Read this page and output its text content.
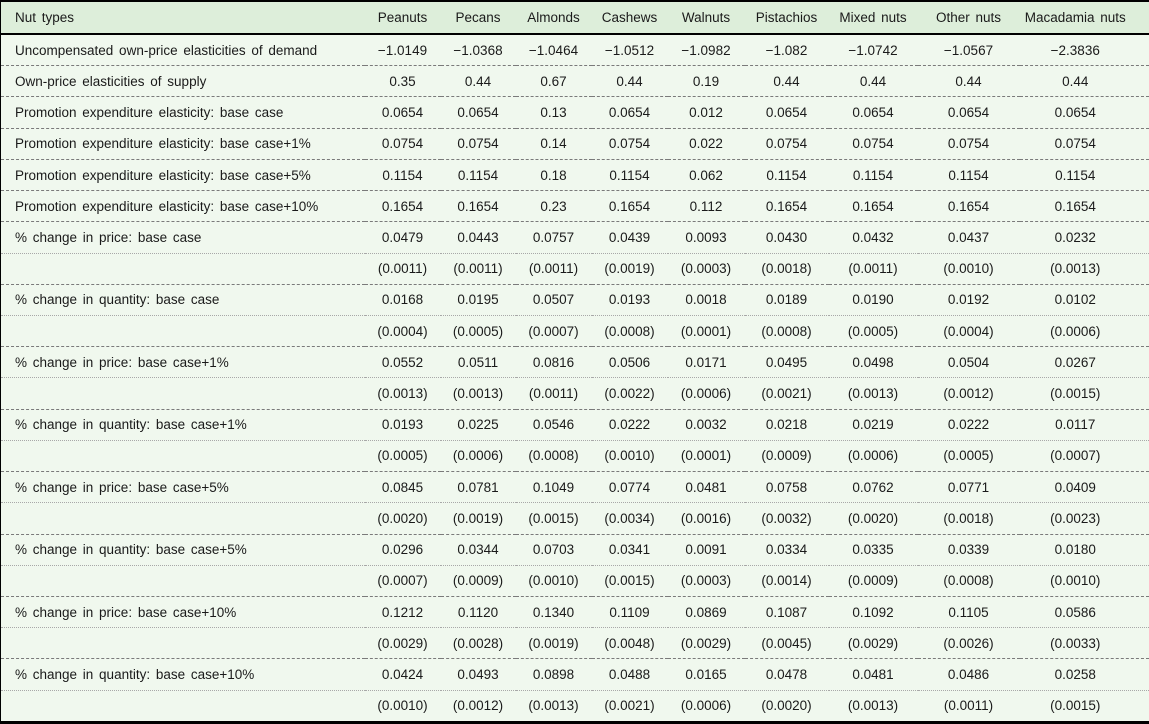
Nut types	Peanuts	Pecans	Almonds	Cashews	Walnuts	Pistachios	Mixed nuts	Other nuts	Macadamia nuts
Uncompensated own-price elasticities of demand	−1.0149	−1.0368	−1.0464	−1.0512	−1.0982	−1.082	−1.0742	−1.0567	−2.3836
Own-price elasticities of supply	0.35	0.44	0.67	0.44	0.19	0.44	0.44	0.44	0.44
Promotion expenditure elasticity: base case	0.0654	0.0654	0.13	0.0654	0.012	0.0654	0.0654	0.0654	0.0654
Promotion expenditure elasticity: base case+1%	0.0754	0.0754	0.14	0.0754	0.022	0.0754	0.0754	0.0754	0.0754
Promotion expenditure elasticity: base case+5%	0.1154	0.1154	0.18	0.1154	0.062	0.1154	0.1154	0.1154	0.1154
Promotion expenditure elasticity: base case+10%	0.1654	0.1654	0.23	0.1654	0.112	0.1654	0.1654	0.1654	0.1654
% change in price: base case	0.0479	0.0443	0.0757	0.0439	0.0093	0.0430	0.0432	0.0437	0.0232
	(0.0011)	(0.0011)	(0.0011)	(0.0019)	(0.0003)	(0.0018)	(0.0011)	(0.0010)	(0.0013)
% change in quantity: base case	0.0168	0.0195	0.0507	0.0193	0.0018	0.0189	0.0190	0.0192	0.0102
	(0.0004)	(0.0005)	(0.0007)	(0.0008)	(0.0001)	(0.0008)	(0.0005)	(0.0004)	(0.0006)
% change in price: base case+1%	0.0552	0.0511	0.0816	0.0506	0.0171	0.0495	0.0498	0.0504	0.0267
	(0.0013)	(0.0013)	(0.0011)	(0.0022)	(0.0006)	(0.0021)	(0.0013)	(0.0012)	(0.0015)
% change in quantity: base case+1%	0.0193	0.0225	0.0546	0.0222	0.0032	0.0218	0.0219	0.0222	0.0117
	(0.0005)	(0.0006)	(0.0008)	(0.0010)	(0.0001)	(0.0009)	(0.0006)	(0.0005)	(0.0007)
% change in price: base case+5%	0.0845	0.0781	0.1049	0.0774	0.0481	0.0758	0.0762	0.0771	0.0409
	(0.0020)	(0.0019)	(0.0015)	(0.0034)	(0.0016)	(0.0032)	(0.0020)	(0.0018)	(0.0023)
% change in quantity: base case+5%	0.0296	0.0344	0.0703	0.0341	0.0091	0.0334	0.0335	0.0339	0.0180
	(0.0007)	(0.0009)	(0.0010)	(0.0015)	(0.0003)	(0.0014)	(0.0009)	(0.0008)	(0.0010)
% change in price: base case+10%	0.1212	0.1120	0.1340	0.1109	0.0869	0.1087	0.1092	0.1105	0.0586
	(0.0029)	(0.0028)	(0.0019)	(0.0048)	(0.0029)	(0.0045)	(0.0029)	(0.0026)	(0.0033)
% change in quantity: base case+10%	0.0424	0.0493	0.0898	0.0488	0.0165	0.0478	0.0481	0.0486	0.0258
	(0.0010)	(0.0012)	(0.0013)	(0.0021)	(0.0006)	(0.0020)	(0.0013)	(0.0011)	(0.0015)
